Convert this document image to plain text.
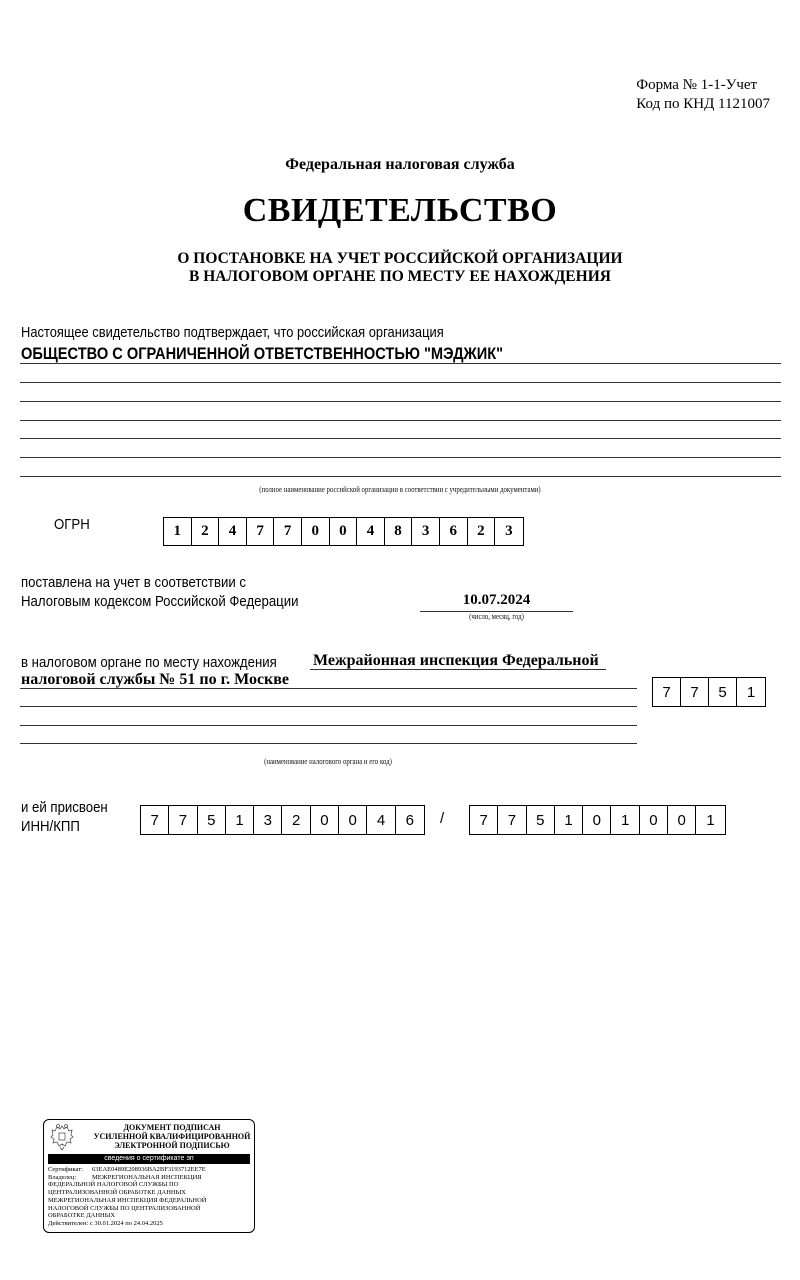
Форма № 1-1-Учет
Код по КНД 1121007
Федеральная налоговая служба
СВИДЕТЕЛЬСТВО
О ПОСТАНОВКЕ НА УЧЕТ РОССИЙСКОЙ ОРГАНИЗАЦИИ
В НАЛОГОВОМ ОРГАНЕ ПО МЕСТУ ЕЕ НАХОЖДЕНИЯ
Настоящее свидетельство подтверждает, что российская организация
ОБЩЕСТВО С ОГРАНИЧЕННОЙ ОТВЕТСТВЕННОСТЬЮ "МЭДЖИК"
(полное наименование российской организации в соответствии с учредительными документами)
ОГРН	1	2	4	7	7	0	0	4	8	3	6	2	3
поставлена на учет в соответствии с
Налоговым кодексом Российской Федерации	10.07.2024
(число, месяц, год)
в налоговом органе по месту нахождения	Межрайонная инспекция Федеральной
налоговой службы № 51 по г. Москве
7	7	5	1
(наименование налогового органа и его код)
и ей присвоен
ИНН/КПП	7	7	5	1	3	2	0	0	4	6	/	7	7	5	1	0	1	0	0	1
ДОКУМЕНТ ПОДПИСАН
УСИЛЕННОЙ КВАЛИФИЦИРОВАННОЙ
ЭЛЕКТРОННОЙ ПОДПИСЬЮ
сведения о сертификате эп
Сертификат: 63EAE0489E208936BA2BF3193712EE7E
Владелец: МЕЖРЕГИОНАЛЬНАЯ ИНСПЕКЦИЯ
ФЕДЕРАЛЬНОЙ НАЛОГОВОЙ СЛУЖБЫ ПО
ЦЕНТРАЛИЗОВАННОЙ ОБРАБОТКЕ ДАННЫХ
МЕЖРЕГИОНАЛЬНАЯ ИНСПЕКЦИЯ ФЕДЕРАЛЬНОЙ
НАЛОГОВОЙ СЛУЖБЫ ПО ЦЕНТРАЛИЗОВАННОЙ
ОБРАБОТКЕ ДАННЫХ
Действителен: с 30.01.2024 по 24.04.2025
